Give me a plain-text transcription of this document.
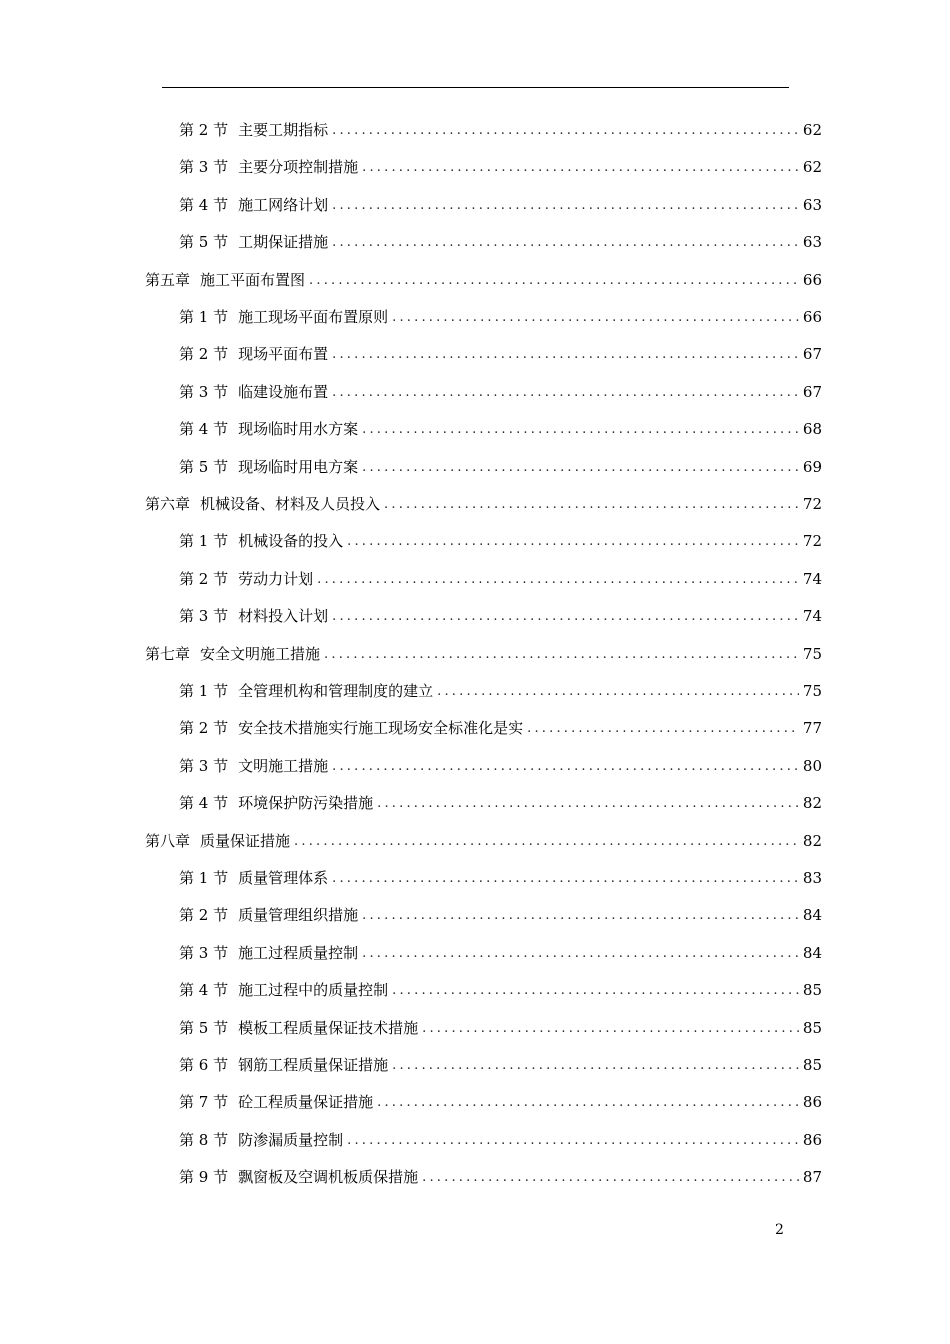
第 2 节 主要工期指标 .....	62
第 3 节 主要分项控制措施 .....	62
第 4 节 施工网络计划 .....	63
第 5 节 工期保证措施 .....	63
第五章 施工平面布置图 .....	66
第 1 节 施工现场平面布置原则 .....	66
第 2 节 现场平面布置 .....	67
第 3 节 临建设施布置 .....	67
第 4 节 现场临时用水方案 .....	68
第 5 节 现场临时用电方案 .....	69
第六章 机械设备、材料及人员投入 .....	72
第 1 节 机械设备的投入 .....	72
第 2 节 劳动力计划 .....	74
第 3 节 材料投入计划 .....	74
第七章 安全文明施工措施 .....	75
第 1 节 全管理机构和管理制度的建立 .....	75
第 2 节 安全技术措施实行施工现场安全标准化是实 .....	77
第 3 节 文明施工措施 .....	80
第 4 节 环境保护防污染措施 .....	82
第八章 质量保证措施 .....	82
第 1 节 质量管理体系 .....	83
第 2 节 质量管理组织措施 .....	84
第 3 节 施工过程质量控制 .....	84
第 4 节 施工过程中的质量控制 .....	85
第 5 节 模板工程质量保证技术措施 .....	85
第 6 节 钢筋工程质量保证措施 .....	85
第 7 节 砼工程质量保证措施 .....	86
第 8 节 防渗漏质量控制 .....	86
第 9 节 飘窗板及空调机板质保措施 .....	87
2
